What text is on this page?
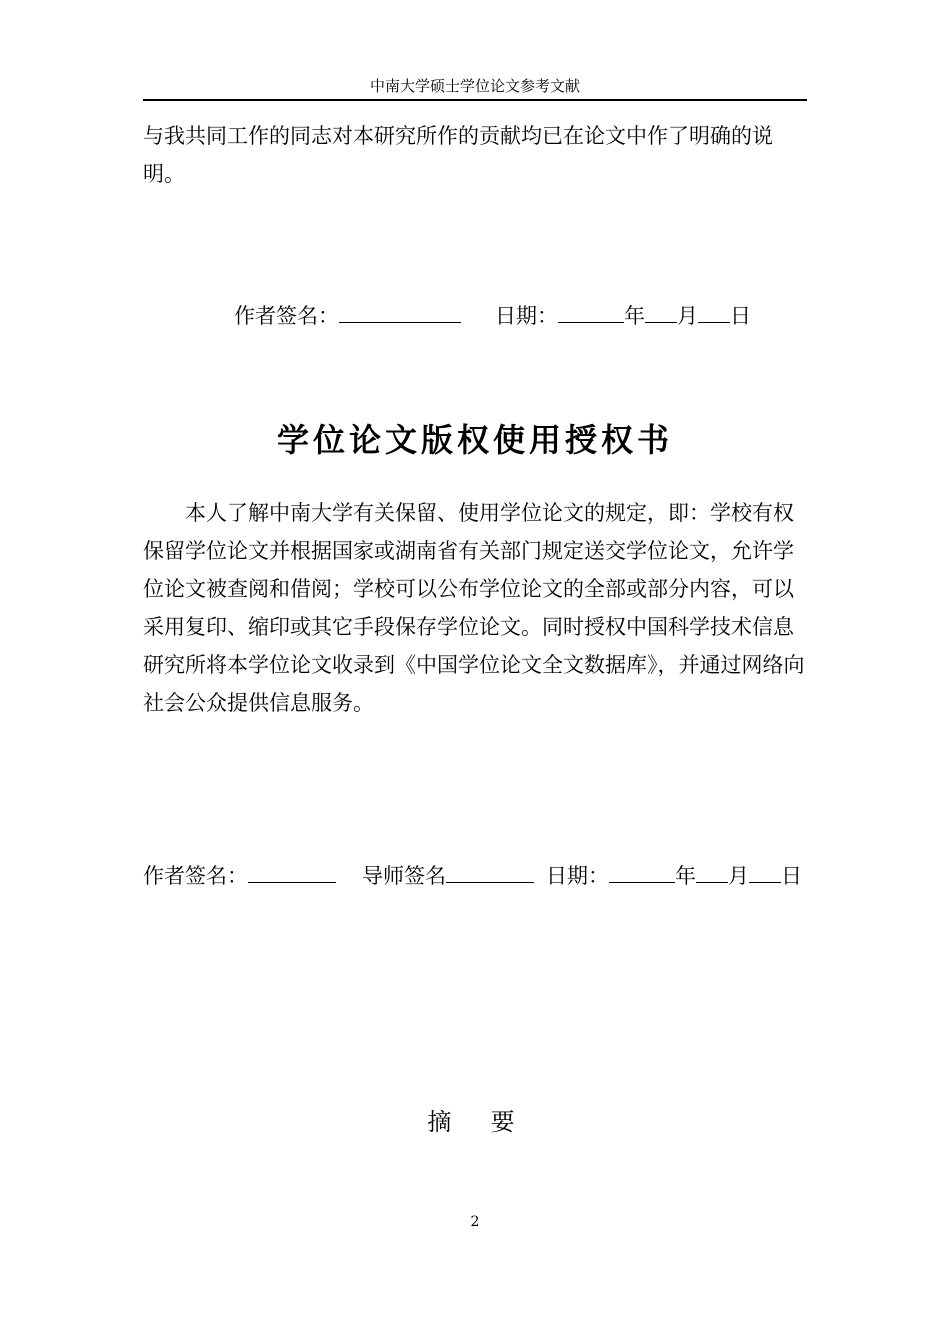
中南大学硕士学位论文参考文献

与我共同工作的同志对本研究所作的贡献均已在论文中作了明确的说明。

作者签名：	日期：	年 月 日
学位论文版权使用授权书

本人了解中南大学有关保留、使用学位论文的规定，即：学校有权保留学位论文并根据国家或湖南省有关部门规定送交学位论文，允许学位论文被查阅和借阅；学校可以公布学位论文的全部或部分内容，可以采用复印、缩印或其它手段保存学位论文。同时授权中国科学技术信息研究所将本学位论文收录到《中国学位论文全文数据库》，并通过网络向社会公众提供信息服务。

作者签名：	导师签名	日期：	年 月 日
摘  要
2
